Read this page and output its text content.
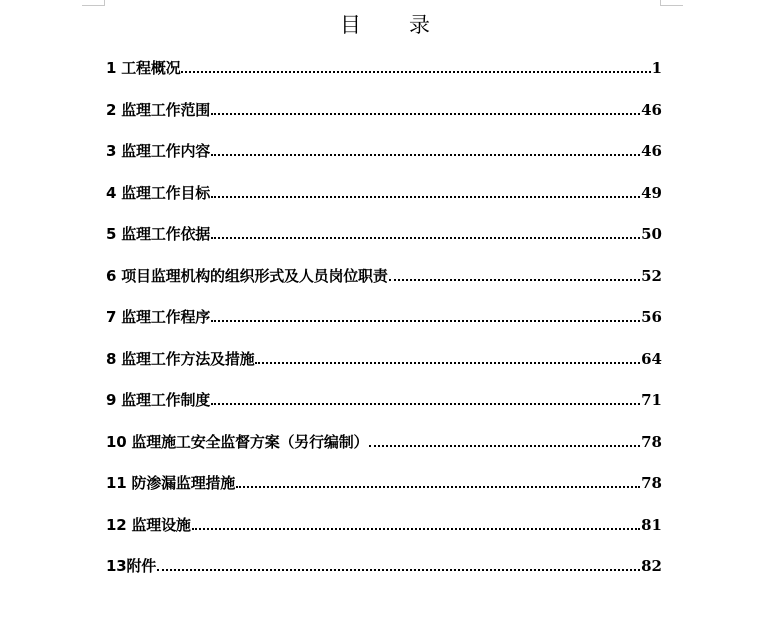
目 录
1 工程概况	1
2 监理工作范围	46
3 监理工作内容	46
4 监理工作目标	49
5 监理工作依据	50
6 项目监理机构的组织形式及人员岗位职责	52
7 监理工作程序	56
8 监理工作方法及措施	64
9 监理工作制度	71
10 监理施工安全监督方案（另行编制）	78
11 防渗漏监理措施	78
12 监理设施	81
13附件	82
